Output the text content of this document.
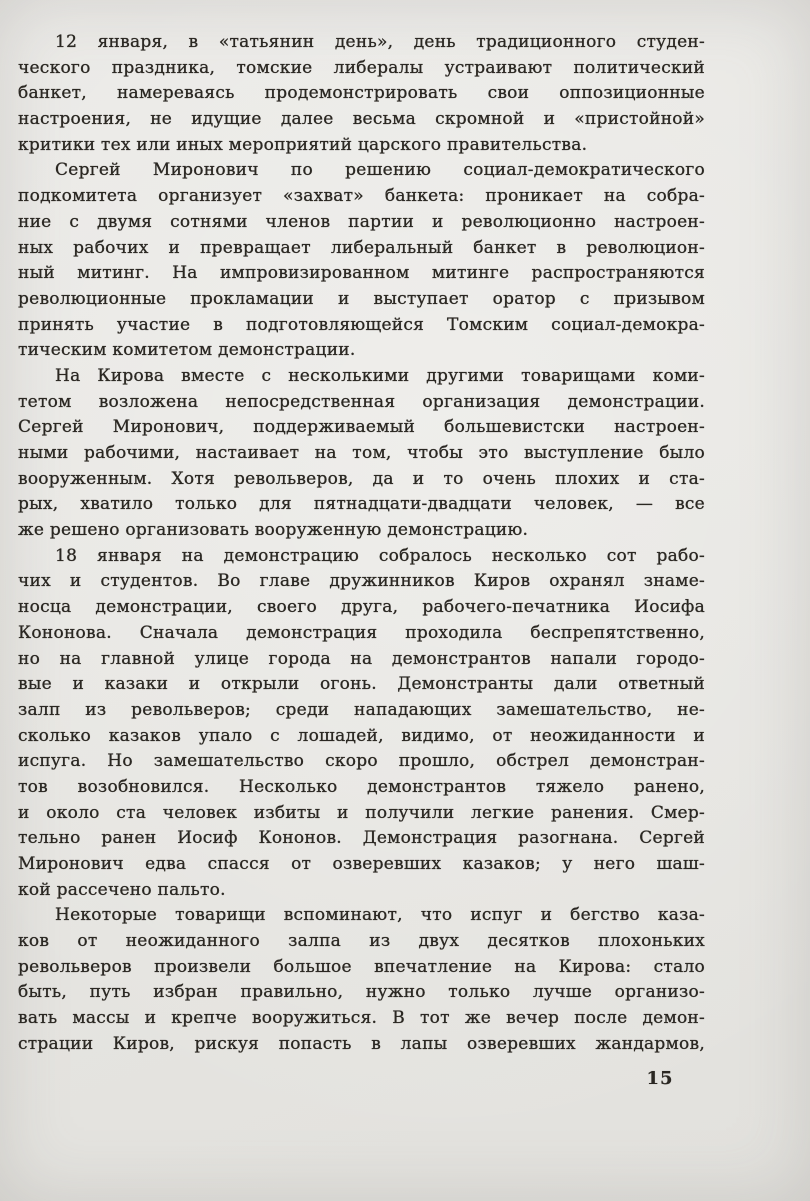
12 января, в «татьянин день», день традиционного студен-
ческого праздника, томские либералы устраивают политический
банкет, намереваясь продемонстрировать свои оппозиционные
настроения, не идущие далее весьма скромной и «пристойной»
критики тех или иных мероприятий царского правительства.
Сергей Миронович по решению социал-демократического
подкомитета организует «захват» банкета: проникает на собра-
ние с двумя сотнями членов партии и революционно настроен-
ных рабочих и превращает либеральный банкет в революцион-
ный митинг. На импровизированном митинге распространяются
революционные прокламации и выступает оратор с призывом
принять участие в подготовляющейся Томским социал-демокра-
тическим комитетом демонстрации.
На Кирова вместе с несколькими другими товарищами коми-
тетом возложена непосредственная организация демонстрации.
Сергей Миронович, поддерживаемый большевистски настроен-
ными рабочими, настаивает на том, чтобы это выступление было
вооруженным. Хотя револьверов, да и то очень плохих и ста-
рых, хватило только для пятнадцати-двадцати человек, — все
же решено организовать вооруженную демонстрацию.
18 января на демонстрацию собралось несколько сот рабо-
чих и студентов. Во главе дружинников Киров охранял знаме-
носца демонстрации, своего друга, рабочего-печатника Иосифа
Кононова. Сначала демонстрация проходила беспрепятственно,
но на главной улице города на демонстрантов напали городо-
вые и казаки и открыли огонь. Демонстранты дали ответный
залп из револьверов; среди нападающих замешательство, не-
сколько казаков упало с лошадей, видимо, от неожиданности и
испуга. Но замешательство скоро прошло, обстрел демонстран-
тов возобновился. Несколько демонстрантов тяжело ранено,
и около ста человек избиты и получили легкие ранения. Смер-
тельно ранен Иосиф Кононов. Демонстрация разогнана. Сергей
Миронович едва спасся от озверевших казаков; у него шаш-
кой рассечено пальто.
Некоторые товарищи вспоминают, что испуг и бегство каза-
ков от неожиданного залпа из двух десятков плохоньких
револьверов произвели большое впечатление на Кирова: стало
быть, путь избран правильно, нужно только лучше организо-
вать массы и крепче вооружиться. В тот же вечер после демон-
страции Киров, рискуя попасть в лапы озверевших жандармов,
15
